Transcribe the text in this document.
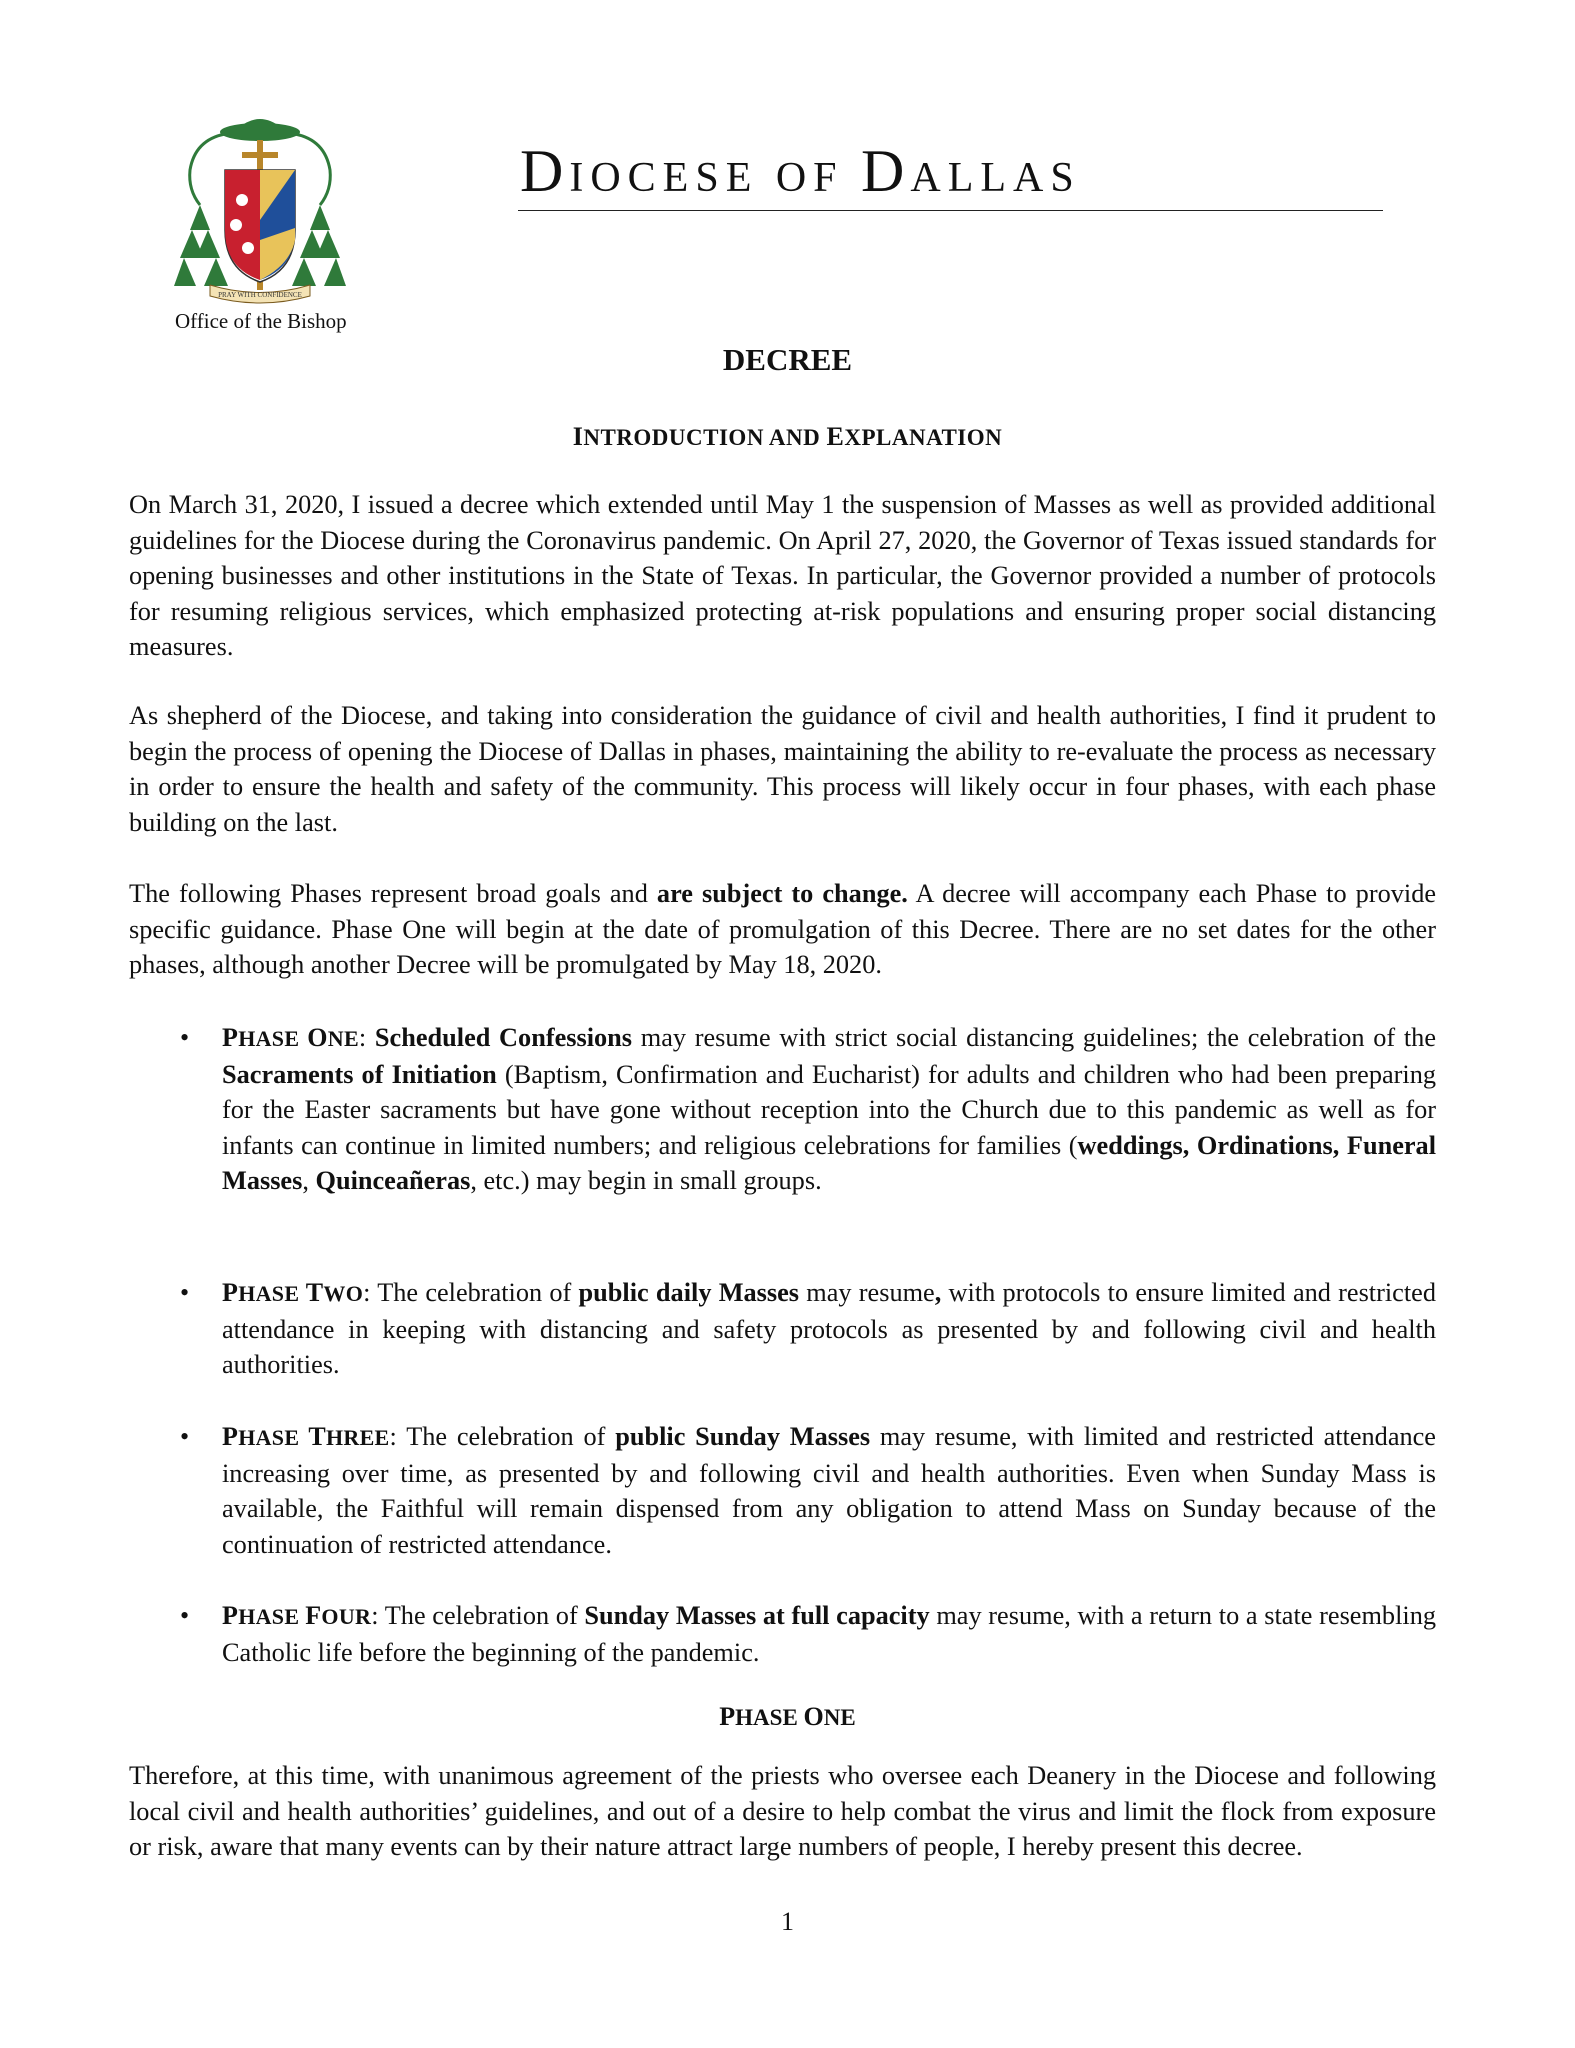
PRAY WITH CONFIDENCE
Office of the Bishop
DIOCESE OF DALLAS
DECREE
INTRODUCTION AND EXPLANATION
On March 31, 2020, I issued a decree which extended until May 1 the suspension of Masses as well as provided additional guidelines for the Diocese during the Coronavirus pandemic. On April 27, 2020, the Governor of Texas issued standards for opening businesses and other institutions in the State of Texas. In particular, the Governor provided a number of protocols for resuming religious services, which emphasized protecting at-risk populations and ensuring proper social distancing measures.
As shepherd of the Diocese, and taking into consideration the guidance of civil and health authorities, I find it prudent to begin the process of opening the Diocese of Dallas in phases, maintaining the ability to re-evaluate the process as necessary in order to ensure the health and safety of the community. This process will likely occur in four phases, with each phase building on the last.
The following Phases represent broad goals and are subject to change. A decree will accompany each Phase to provide specific guidance. Phase One will begin at the date of promulgation of this Decree. There are no set dates for the other phases, although another Decree will be promulgated by May 18, 2020.
• PHASE ONE: Scheduled Confessions may resume with strict social distancing guidelines; the celebration of the Sacraments of Initiation (Baptism, Confirmation and Eucharist) for adults and children who had been preparing for the Easter sacraments but have gone without reception into the Church due to this pandemic as well as for infants can continue in limited numbers; and religious celebrations for families (weddings, Ordinations, Funeral Masses, Quinceañeras, etc.) may begin in small groups.
• PHASE TWO: The celebration of public daily Masses may resume, with protocols to ensure limited and restricted attendance in keeping with distancing and safety protocols as presented by and following civil and health authorities.
• PHASE THREE: The celebration of public Sunday Masses may resume, with limited and restricted attendance increasing over time, as presented by and following civil and health authorities. Even when Sunday Mass is available, the Faithful will remain dispensed from any obligation to attend Mass on Sunday because of the continuation of restricted attendance.
• PHASE FOUR: The celebration of Sunday Masses at full capacity may resume, with a return to a state resembling Catholic life before the beginning of the pandemic.
PHASE ONE
Therefore, at this time, with unanimous agreement of the priests who oversee each Deanery in the Diocese and following local civil and health authorities’ guidelines, and out of a desire to help combat the virus and limit the flock from exposure or risk, aware that many events can by their nature attract large numbers of people, I hereby present this decree.
1
